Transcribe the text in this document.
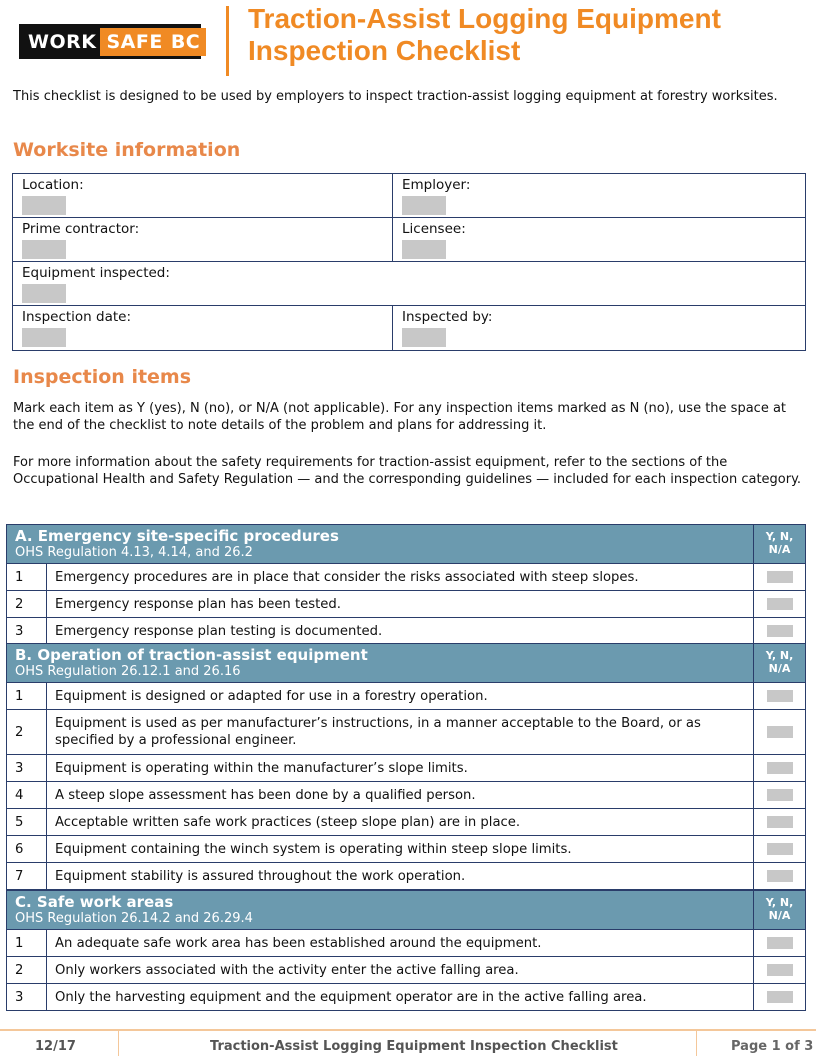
WORK SAFE BC
Traction-Assist Logging Equipment
Inspection Checklist

This checklist is designed to be used by employers to inspect traction-assist logging equipment at forestry worksites.

Worksite information
Location:	Employer:
Prime contractor:	Licensee:
Equipment inspected:
Inspection date:	Inspected by:
Inspection items

Mark each item as Y (yes), N (no), or N/A (not applicable). For any inspection items marked as N (no), use the space at the end of the checklist to note details of the problem and plans for addressing it.

For more information about the safety requirements for traction-assist equipment, refer to the sections of the Occupational Health and Safety Regulation — and the corresponding guidelines — included for each inspection category.

A. Emergency site-specific procedures
OHS Regulation 4.13, 4.14, and 26.2		Y, N, N/A
1	Emergency procedures are in place that consider the risks associated with steep slopes.	
2	Emergency response plan has been tested.	
3	Emergency response plan testing is documented.	
B. Operation of traction-assist equipment
OHS Regulation 26.12.1 and 26.16		Y, N, N/A
1	Equipment is designed or adapted for use in a forestry operation.	
2	Equipment is used as per manufacturer’s instructions, in a manner acceptable to the Board, or as specified by a professional engineer.	
3	Equipment is operating within the manufacturer’s slope limits.	
4	A steep slope assessment has been done by a qualified person.	
5	Acceptable written safe work practices (steep slope plan) are in place.	
6	Equipment containing the winch system is operating within steep slope limits.	
7	Equipment stability is assured throughout the work operation.	
C. Safe work areas
OHS Regulation 26.14.2 and 26.29.4		Y, N, N/A
1	An adequate safe work area has been established around the equipment.	
2	Only workers associated with the activity enter the active falling area.	
3	Only the harvesting equipment and the equipment operator are in the active falling area.	
12/17	Traction-Assist Logging Equipment Inspection Checklist	Page 1 of 3
